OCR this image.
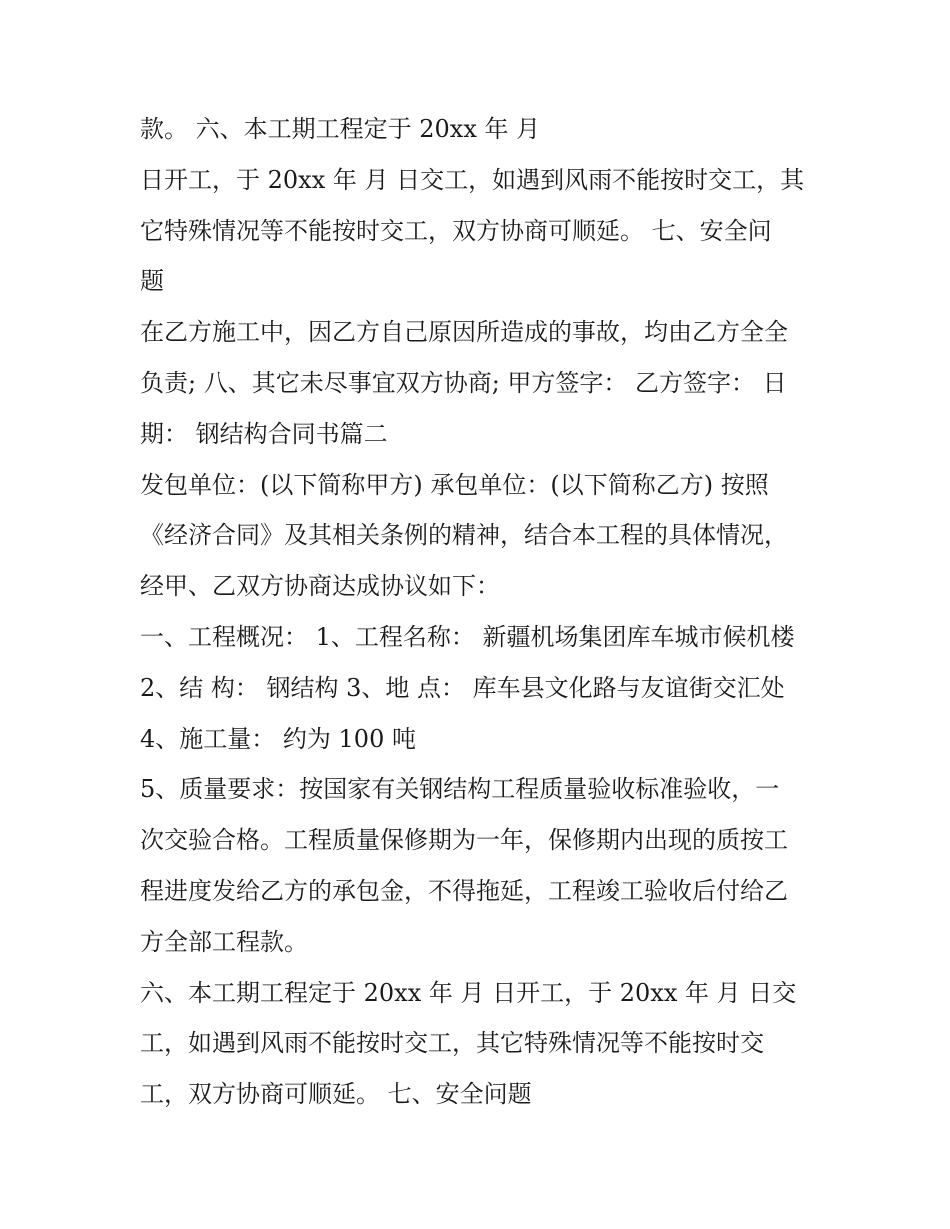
款。 六、本工期工程定于 20xx 年 月
日开工，于 20xx 年 月 日交工，如遇到风雨不能按时交工，其
它特殊情况等不能按时交工，双方协商可顺延。 七、安全问
题
在乙方施工中，因乙方自己原因所造成的事故，均由乙方全全
负责; 八、其它未尽事宜双方协商; 甲方签字： 乙方签字： 日
期： 钢结构合同书篇二
发包单位：(以下简称甲方) 承包单位：(以下简称乙方) 按照
《经济合同》及其相关条例的精神，结合本工程的具体情况，
经甲、乙双方协商达成协议如下：
一、工程概况： 1、工程名称： 新疆机场集团库车城市候机楼
2、结 构： 钢结构 3、地 点： 库车县文化路与友谊街交汇处
4、施工量： 约为 100 吨
5、质量要求：按国家有关钢结构工程质量验收标准验收，一
次交验合格。工程质量保修期为一年，保修期内出现的质按工
程进度发给乙方的承包金，不得拖延，工程竣工验收后付给乙
方全部工程款。
六、本工期工程定于 20xx 年 月 日开工，于 20xx 年 月 日交
工，如遇到风雨不能按时交工，其它特殊情况等不能按时交
工，双方协商可顺延。 七、安全问题
